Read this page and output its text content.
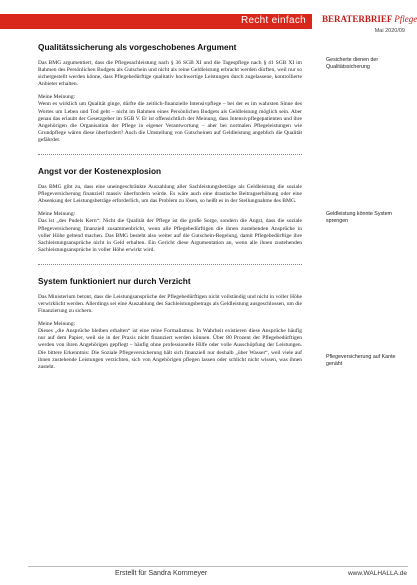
Recht einfach BERATERBRIEF Pflege
Mai 2020/09
Qualitätssicherung als vorgeschobenes Argument

Das BMG argumentiert, dass die Pflegesachleistung nach § 36 SGB XI und die Tagespflege nach § 41 SGB XI im Rahmen des Persönlichen Budgets als Gutschein und nicht als reine Geldleistung erbracht werden dürften, weil nur so sichergestellt werden könne, dass Pflegebedürftige qualitativ hochwertige Leistungen durch zugelassene, kontrollierte Anbieter erhalten.

Meine Meinung:

Wenn es wirklich um Qualität ginge, dürfte die zeitlich-finanzielle Intensivpflege – bei der es im wahrsten Sinne des Wortes um Leben und Tod geht – nicht im Rahmen eines Persönlichen Budgets als Geldleistung möglich sein. Aber genau das erlaubt der Gesetzgeber im SGB V. Er ist offensichtlich der Meinung, dass Intensivpflegepatienten und ihre Angehörigen die Organisation der Pflege in eigener Verantwortung – aber bei normalen Pflegeleistungen wie Grundpflege wären diese überfordert? Auch die Umstellung von Gutscheinen auf Geldleistung angeblich die Qualität gefährdet.

Angst vor der Kostenexplosion

Das BMG gibt zu, dass eine uneingeschränkte Auszahlung aller Sachleistungsbeträge als Geldleistung die soziale Pflegeversicherung finanziell massiv überfordern würde. Es wäre auch eine drastische Beitragserhöhung oder eine Absenkung der Leistungsbeträge erforderlich, um das Problem zu lösen, so heißt es in der Stellungnahme des BMG.

Meine Meinung:

Das ist „des Pudels Kern“: Nicht die Qualität der Pflege ist die große Sorge, sondern die Angst, dass die soziale Pflegeversicherung finanziell zusammenbricht, wenn alle Pflegebedürftigen die ihnen zustehenden Ansprüche in voller Höhe geltend machen. Das BMG besteht also weiter auf die Gutschein-Regelung, damit Pflegebedürftige ihre Sachleistungsansprüche nicht in Geld erhalten. Ein Gericht diese Argumentation an, wenn alle ihnen zustehenden Sachleistungsansprüche in voller Höhe erwirkt wird.

System funktioniert nur durch Verzicht

Das Ministerium betont, dass die Leistungsansprüche der Pflegebedürftigen nicht vollständig und nicht in voller Höhe verwirklicht werden. Allerdings sei eine Auszahlung des Sachleistungsbetrags als Geldleistung ausgeschlossen, um die Finanzierung zu sichern.

Meine Meinung:

Dieses „die Ansprüche bleiben erhalten“ ist eine reine Formalismus. In Wahrheit existieren diese Ansprüche häufig nur auf dem Papier, weil sie in der Praxis nicht finanziert werden können. Über 80 Prozent der Pflegebedürftigen werden von ihren Angehörigen gepflegt – häufig ohne professionelle Hilfe oder volle Ausschöpfung der Leistungen. Die bittere Erkenntnis: Die Soziale Pflegeversicherung hält sich finanziell nur deshalb „über Wasser“, weil viele auf ihnen zustehende Leistungen verzichten, sich von Angehörigen pflegen lassen oder schlicht nicht wissen, was ihnen zusteht.

Gesicherte dienen der Qualitätssicherung
Geldleistung könnte System sprengen
Pflegeversicherung auf Kante genäht
Erstellt für Sandra Kornmeyer	www.WALHALLA.de
